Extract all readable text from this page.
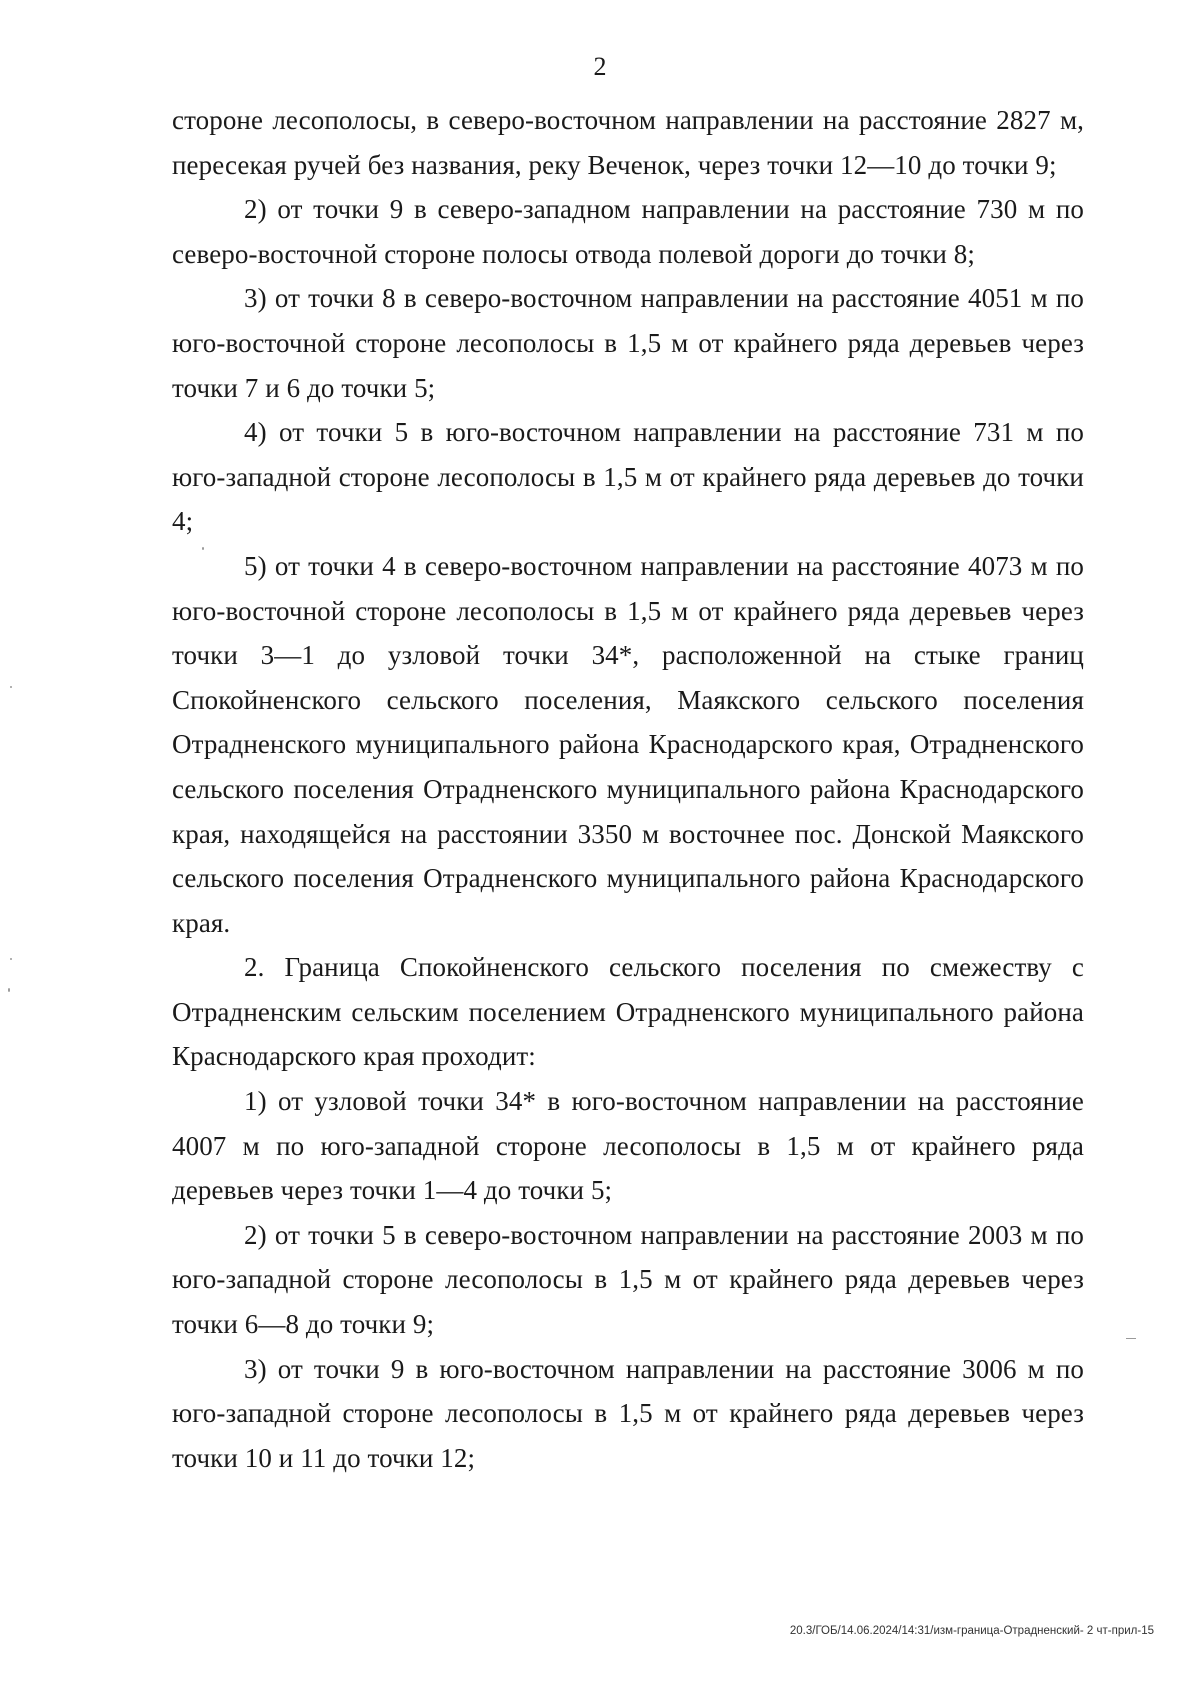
2

стороне лесополосы, в северо-восточном направлении на расстояние 2827 м, пересекая ручей без названия, реку Веченок, через точки 12—10 до точки 9;

2) от точки 9 в северо-западном направлении на расстояние 730 м по северо-восточной стороне полосы отвода полевой дороги до точки 8;

3) от точки 8 в северо-восточном направлении на расстояние 4051 м по юго-восточной стороне лесополосы в 1,5 м от крайнего ряда деревьев через точки 7 и 6 до точки 5;

4) от точки 5 в юго-восточном направлении на расстояние 731 м по юго-западной стороне лесополосы в 1,5 м от крайнего ряда деревьев до точки 4;

5) от точки 4 в северо-восточном направлении на расстояние 4073 м по юго-восточной стороне лесополосы в 1,5 м от крайнего ряда деревьев через точки 3—1 до узловой точки 34*, расположенной на стыке границ Спокойненского сельского поселения, Маякского сельского поселения Отрадненского муниципального района Краснодарского края, Отрадненского сельского поселения Отрадненского муниципального района Краснодарского края, находящейся на расстоянии 3350 м восточнее пос. Донской Маякского сельского поселения Отрадненского муниципального района Краснодарского края.

2. Граница Спокойненского сельского поселения по смежеству с Отрадненским сельским поселением Отрадненского муниципального района Краснодарского края проходит:

1) от узловой точки 34* в юго-восточном направлении на расстояние 4007 м по юго-западной стороне лесополосы в 1,5 м от крайнего ряда деревьев через точки 1—4 до точки 5;

2) от точки 5 в северо-восточном направлении на расстояние 2003 м по юго-западной стороне лесополосы в 1,5 м от крайнего ряда деревьев через точки 6—8 до точки 9;

3) от точки 9 в юго-восточном направлении на расстояние 3006 м по юго-западной стороне лесополосы в 1,5 м от крайнего ряда деревьев через точки 10 и 11 до точки 12;

20.3/ГОБ/14.06.2024/14:31/изм-граница-Отрадненский- 2 чт-прил-15
